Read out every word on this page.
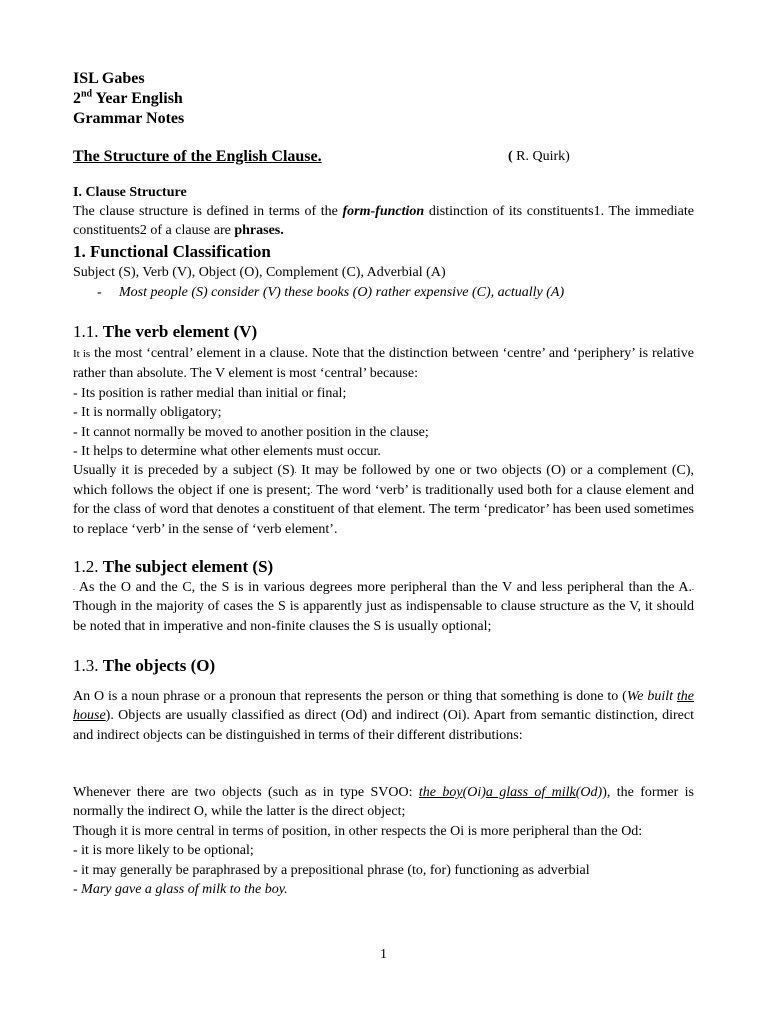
ISL Gabes
2nd Year English
Grammar Notes
The Structure of the English Clause.	( R. Quirk)
I. Clause Structure

The clause structure is defined in terms of the form-function distinction of its constituents1. The immediate constituents2 of a clause are phrases.

1. Functional Classification
Subject (S), Verb (V), Object (O), Complement (C), Adverbial (A)
- Most people (S) consider (V) these books (O) rather expensive (C), actually (A)
1.1. The verb element (V)

It is the most ‘central’ element in a clause. Note that the distinction between ‘centre’ and ‘periphery’ is relative rather than absolute. The V element is most ‘central’ because:

- Its position is rather medial than initial or final;
- It is normally obligatory;
- It cannot normally be moved to another position in the clause;
- It helps to determine what other elements must occur.

Usually it is preceded by a subject (S). It may be followed by one or two objects (O) or a complement (C), which follows the object if one is present;. The word ‘verb’ is traditionally used both for a clause element and for the class of word that denotes a constituent of that element. The term ‘predicator’ has been used sometimes to replace ‘verb’ in the sense of ‘verb element’.

1.2. The subject element (S)

. As the O and the C, the S is in various degrees more peripheral than the V and less peripheral than the A.. Though in the majority of cases the S is apparently just as indispensable to clause structure as the V, it should be noted that in imperative and non-finite clauses the S is usually optional;

1.3. The objects (O)

An O is a noun phrase or a pronoun that represents the person or thing that something is done to (We built the house). Objects are usually classified as direct (Od) and indirect (Oi). Apart from semantic distinction, direct and indirect objects can be distinguished in terms of their different distributions:

Whenever there are two objects (such as in type SVOO: the boy(Oi)a glass of milk(Od)), the former is normally the indirect O, while the latter is the direct object;

Though it is more central in terms of position, in other respects the Oi is more peripheral than the Od:

- it is more likely to be optional;
- it may generally be paraphrased by a prepositional phrase (to, for) functioning as adverbial
- Mary gave a glass of milk to the boy.
1
